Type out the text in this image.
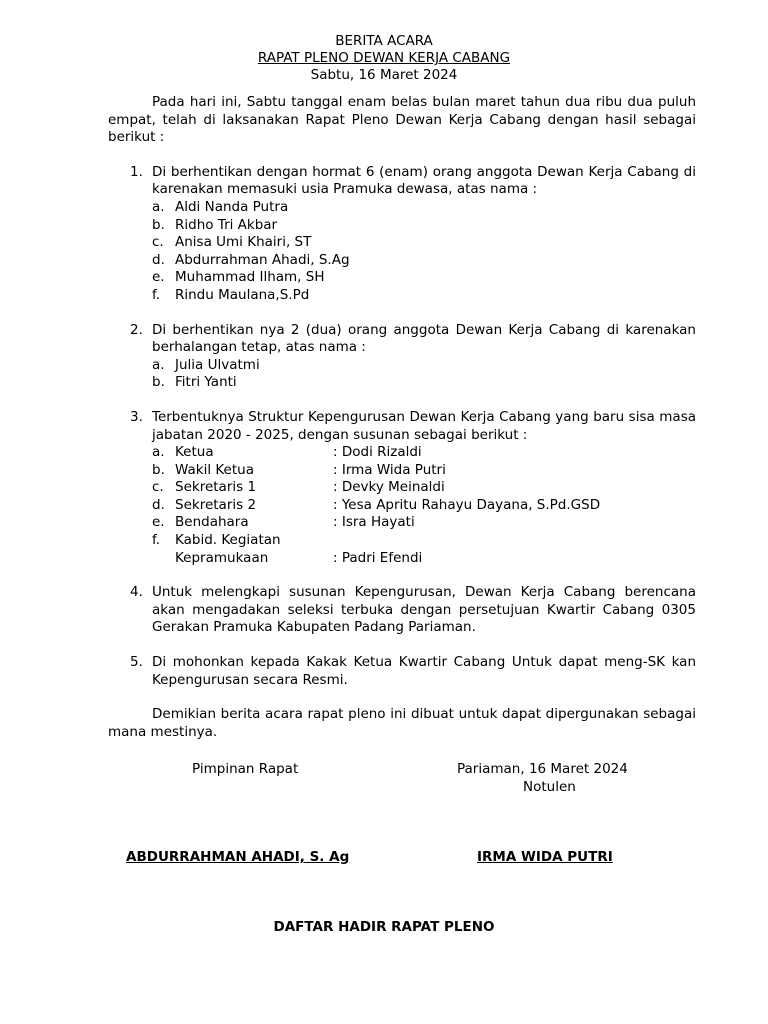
BERITA ACARA
RAPAT PLENO DEWAN KERJA CABANG
Sabtu, 16 Maret 2024

Pada hari ini, Sabtu tanggal enam belas bulan maret tahun dua ribu dua puluh empat, telah di laksanakan Rapat Pleno Dewan Kerja Cabang dengan hasil sebagai berikut :

1. Di berhentikan dengan hormat 6 (enam) orang anggota Dewan Kerja Cabang di karenakan memasuki usia Pramuka dewasa, atas nama :
a. Aldi Nanda Putra
b. Ridho Tri Akbar
c. Anisa Umi Khairi, ST
d. Abdurrahman Ahadi, S.Ag
e. Muhammad Ilham, SH
f.	Rindu Maulana,S.Pd
2. Di berhentikan nya 2 (dua) orang anggota Dewan Kerja Cabang di karenakan berhalangan tetap, atas nama :
a. Julia Ulvatmi
b. Fitri Yanti
3. Terbentuknya Struktur Kepengurusan Dewan Kerja Cabang yang baru sisa masa jabatan 2020 - 2025, dengan susunan sebagai berikut :
a. Ketua	: Dodi Rizaldi
b. Wakil Ketua	: Irma Wida Putri
c. Sekretaris 1	: Devky Meinaldi
d. Sekretaris 2	: Yesa Apritu Rahayu Dayana, S.Pd.GSD
e. Bendahara	: Isra Hayati
f.	Kabid. Kegiatan
Kepramukaan	: Padri Efendi
4. Untuk melengkapi susunan Kepengurusan, Dewan Kerja Cabang berencana akan mengadakan seleksi terbuka dengan persetujuan Kwartir Cabang 0305 Gerakan Pramuka Kabupaten Padang Pariaman.
5. Di mohonkan kepada Kakak Ketua Kwartir Cabang Untuk dapat meng-SK kan Kepengurusan secara Resmi.

Demikian berita acara rapat pleno ini dibuat untuk dapat dipergunakan sebagai mana mestinya.

Pimpinan Rapat	Pariaman, 16 Maret 2024
Notulen
ABDURRAHMAN AHADI, S. Ag	IRMA WIDA PUTRI
DAFTAR HADIR RAPAT PLENO
